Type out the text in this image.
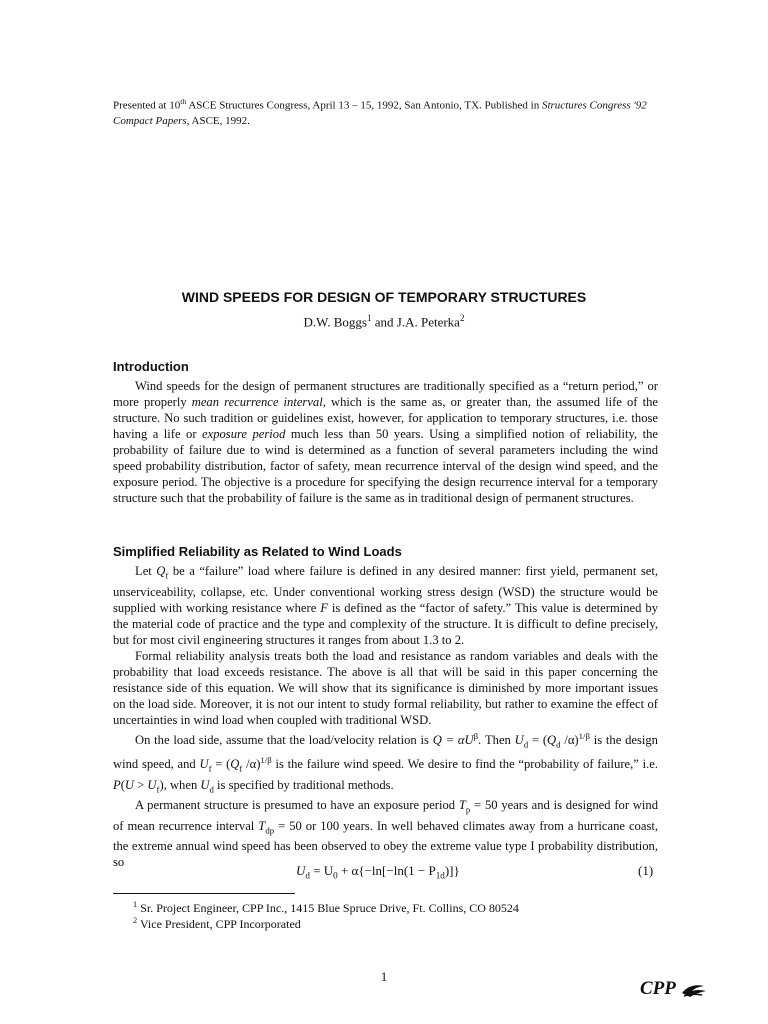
Presented at 10th ASCE Structures Congress, April 13 – 15, 1992, San Antonio, TX. Published in Structures Congress '92 Compact Papers, ASCE, 1992.
WIND SPEEDS FOR DESIGN OF TEMPORARY STRUCTURES
D.W. Boggs$^1$ and J.A. Peterka$^2$
Introduction

Wind speeds for the design of permanent structures are traditionally specified as a “return period,” or more properly mean recurrence interval, which is the same as, or greater than, the assumed life of the structure. No such tradition or guidelines exist, however, for application to temporary structures, i.e. those having a life or exposure period much less than 50 years. Using a simplified notion of reliability, the probability of failure due to wind is determined as a function of several parameters including the wind speed probability distribution, factor of safety, mean recurrence interval of the design wind speed, and the exposure period. The objective is a procedure for specifying the design recurrence interval for a temporary structure such that the probability of failure is the same as in traditional design of permanent structures.

Simplified Reliability as Related to Wind Loads

Let $Q_f$ be a “failure” load where failure is defined in any desired manner: first yield, permanent set, unserviceability, collapse, etc. Under conventional working stress design (WSD) the structure would be supplied with working resistance where F is defined as the “factor of safety.” This value is determined by the material code of practice and the type and complexity of the structure. It is difficult to define precisely, but for most civil engineering structures it ranges from about 1.3 to 2.

Formal reliability analysis treats both the load and resistance as random variables and deals with the probability that load exceeds resistance. The above is all that will be said in this paper concerning the resistance side of this equation. We will show that its significance is diminished by more important issues on the load side. Moreover, it is not our intent to study formal reliability, but rather to examine the effect of uncertainties in wind load when coupled with traditional WSD.

On the load side, assume that the load/velocity relation is $Q = \alpha U^\beta$. Then $U_d = (Q_d$ /α)$^{1/\beta}$ is the design wind speed, and $U_f = (Q_f$ /α)$^{1/\beta}$ is the failure wind speed. We desire to find the “probability of failure,” i.e. $P(U > U_f)$, when $U_d$ is specified by traditional methods.

A permanent structure is presumed to have an exposure period $T_p = 50$ years and is designed for wind of mean recurrence interval $T_{dp} = 50$ or 100 years. In well behaved climates away from a hurricane coast, the extreme annual wind speed has been observed to obey the extreme value type I probability distribution, so

$U_d = U_0 + \alpha\{-\ln[-\ln(1 - P_{1d})]\}$	(1)
$^1$ Sr. Project Engineer, CPP Inc., 1415 Blue Spruce Drive, Ft. Collins, CO 80524
$^2$ Vice President, CPP Incorporated
1
CPP
